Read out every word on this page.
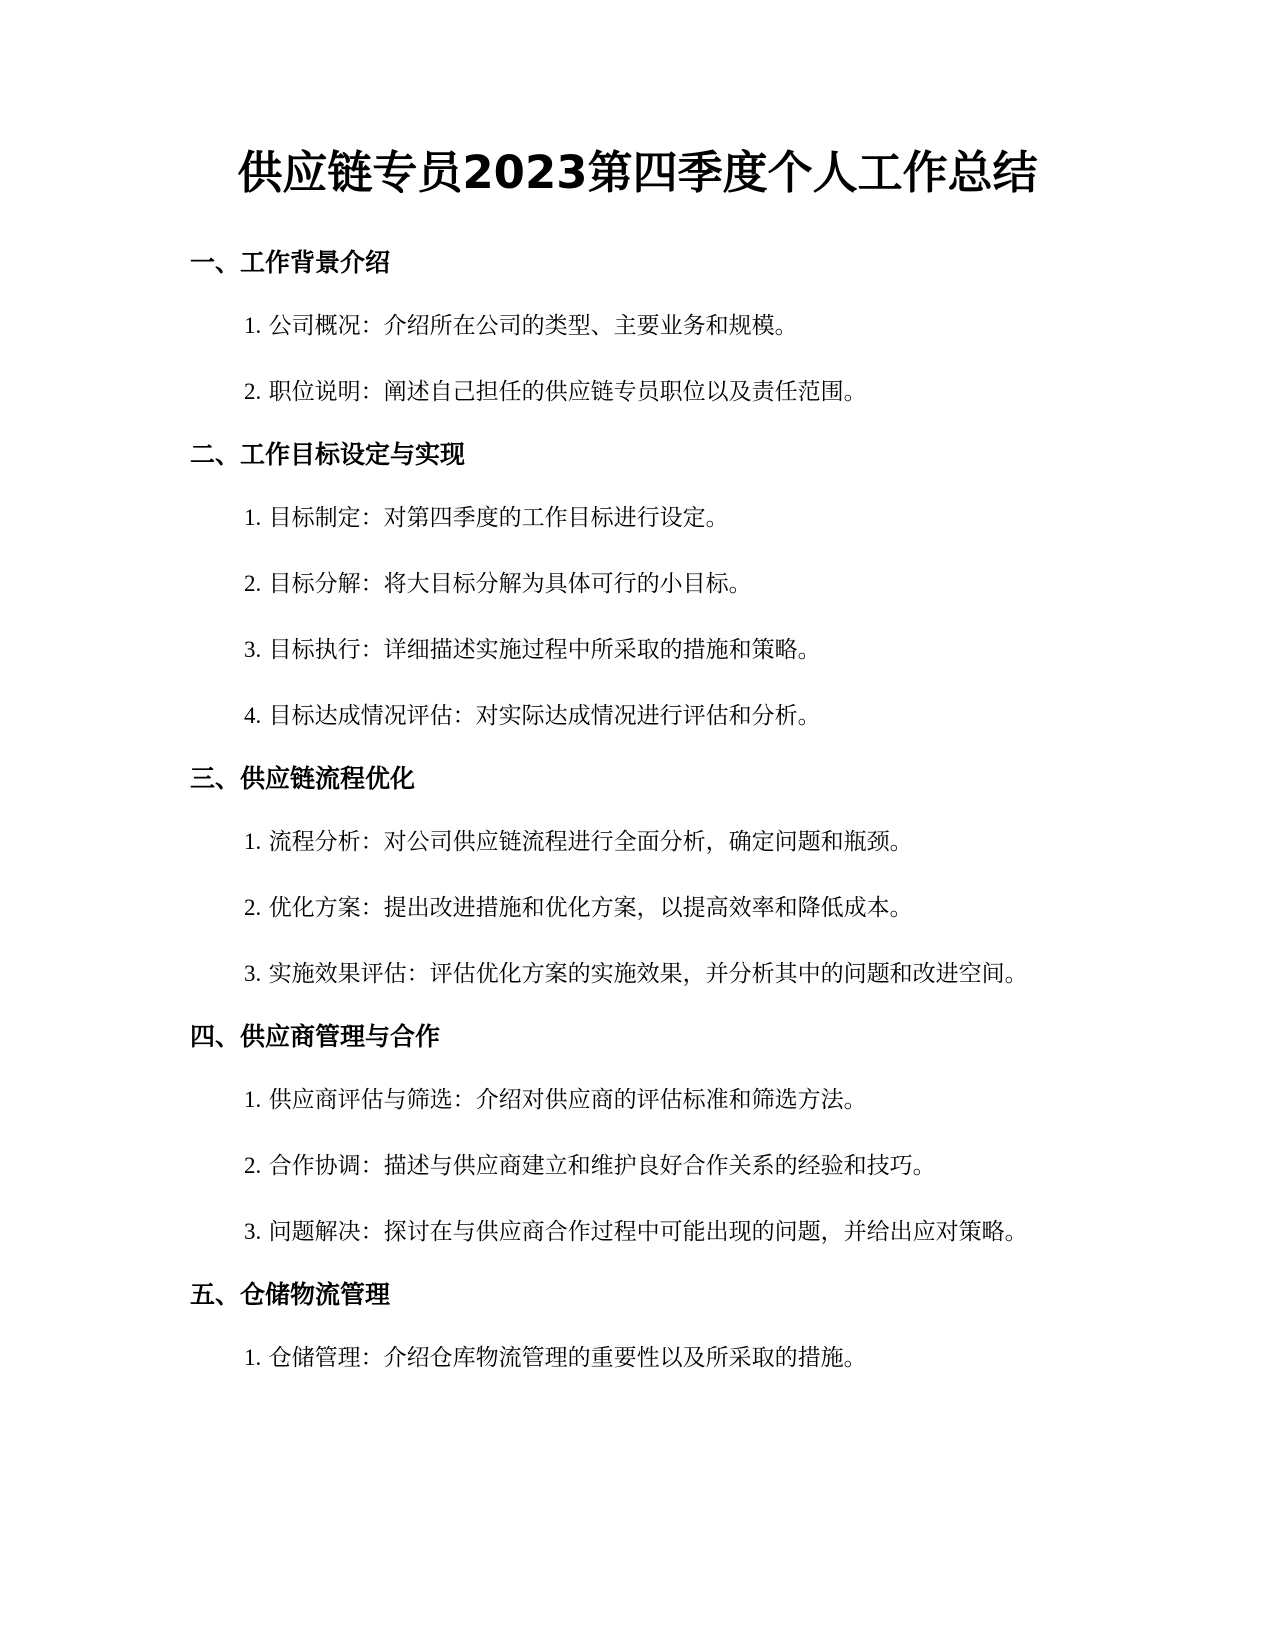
供应链专员2023第四季度个人工作总结
一、工作背景介绍

1. 公司概况：介绍所在公司的类型、主要业务和规模。

2. 职位说明：阐述自己担任的供应链专员职位以及责任范围。

二、工作目标设定与实现

1. 目标制定：对第四季度的工作目标进行设定。

2. 目标分解：将大目标分解为具体可行的小目标。

3. 目标执行：详细描述实施过程中所采取的措施和策略。

4. 目标达成情况评估：对实际达成情况进行评估和分析。

三、供应链流程优化

1. 流程分析：对公司供应链流程进行全面分析，确定问题和瓶颈。

2. 优化方案：提出改进措施和优化方案，以提高效率和降低成本。

3. 实施效果评估：评估优化方案的实施效果，并分析其中的问题和改进空间。

四、供应商管理与合作

1. 供应商评估与筛选：介绍对供应商的评估标准和筛选方法。

2. 合作协调：描述与供应商建立和维护良好合作关系的经验和技巧。

3. 问题解决：探讨在与供应商合作过程中可能出现的问题，并给出应对策略。

五、仓储物流管理

1. 仓储管理：介绍仓库物流管理的重要性以及所采取的措施。
